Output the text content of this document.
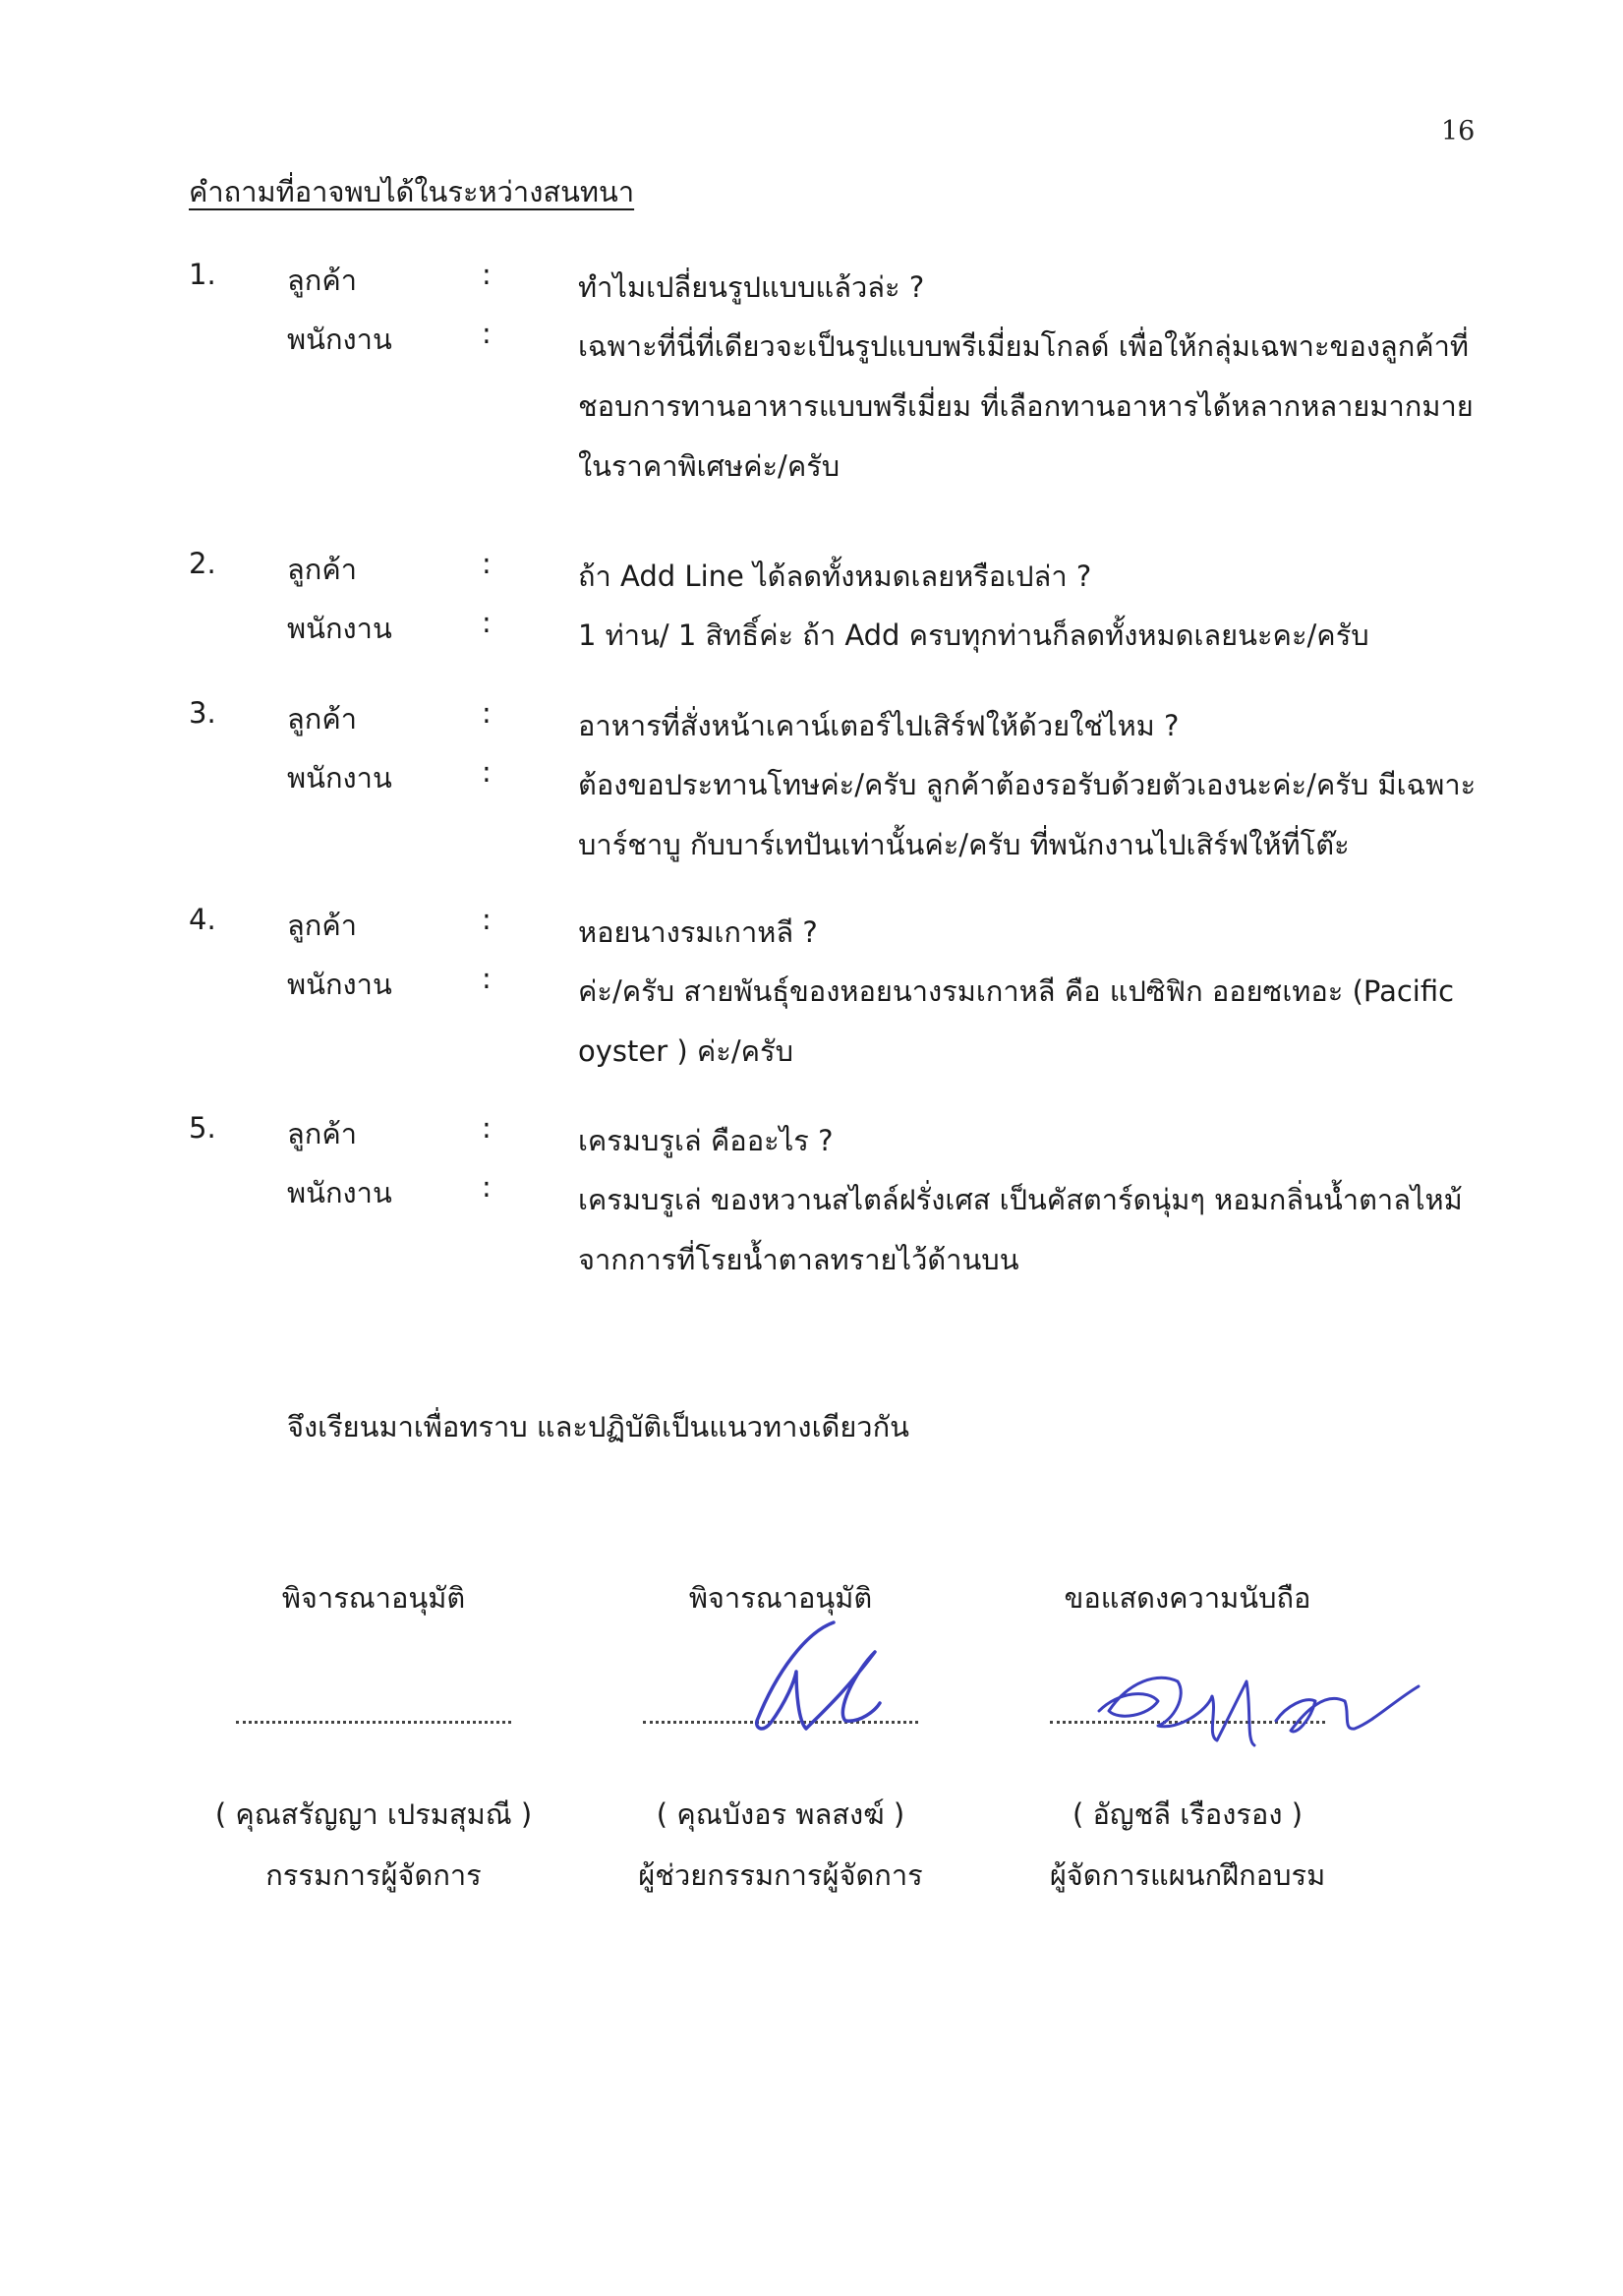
16
คำถามที่อาจพบได้ในระหว่างสนทนา
1. ลูกค้า	:	ทำไมเปลี่ยนรูปแบบแล้วล่ะ ?
พนักงาน	:	เฉพาะที่นี่ที่เดียวจะเป็นรูปแบบพรีเมี่ยมโกลด์ เพื่อให้กลุ่มเฉพาะของลูกค้าที่
ชอบการทานอาหารแบบพรีเมี่ยม ที่เลือกทานอาหารได้หลากหลายมากมาย
ในราคาพิเศษค่ะ/ครับ
2. ลูกค้า	:	ถ้า Add Line ได้ลดทั้งหมดเลยหรือเปล่า ?
พนักงาน	:	1 ท่าน/ 1 สิทธิ์ค่ะ ถ้า Add ครบทุกท่านก็ลดทั้งหมดเลยนะคะ/ครับ
3. ลูกค้า	:	อาหารที่สั่งหน้าเคาน์เตอร์ไปเสิร์ฟให้ด้วยใช่ไหม ?
พนักงาน	:	ต้องขอประทานโทษค่ะ/ครับ ลูกค้าต้องรอรับด้วยตัวเองนะค่ะ/ครับ มีเฉพาะ
บาร์ชาบู กับบาร์เทปันเท่านั้นค่ะ/ครับ ที่พนักงานไปเสิร์ฟให้ที่โต๊ะ
4. ลูกค้า	:	หอยนางรมเกาหลี ?
พนักงาน	:	ค่ะ/ครับ สายพันธุ์ของหอยนางรมเกาหลี คือ แปซิฟิก ออยซเทอะ (Pacific
oyster ) ค่ะ/ครับ
5. ลูกค้า	:	เครมบรูเล่ คืออะไร ?
พนักงาน	:	เครมบรูเล่ ของหวานสไตล์ฝรั่งเศส เป็นคัสตาร์ดนุ่มๆ หอมกลิ่นน้ำตาลไหม้
จากการที่โรยน้ำตาลทรายไว้ด้านบน
จึงเรียนมาเพื่อทราบ และปฏิบัติเป็นแนวทางเดียวกัน
พิจารณาอนุมัติ
( คุณสรัญญา เปรมสุมณี )
กรรมการผู้จัดการ
พิจารณาอนุมัติ
( คุณบังอร พลสงฆ์ )
ผู้ช่วยกรรมการผู้จัดการ
ขอแสดงความนับถือ
( อัญชลี เรืองรอง )
ผู้จัดการแผนกฝึกอบรม
